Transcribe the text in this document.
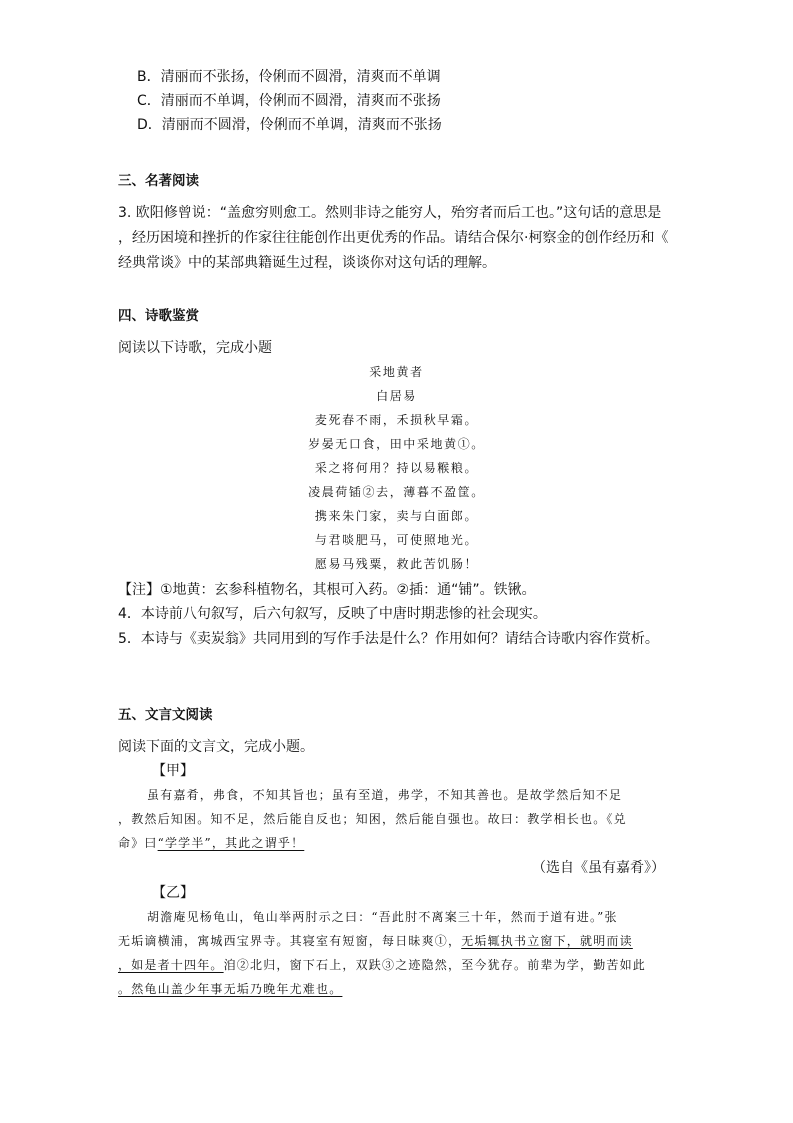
B．清丽而不张扬，伶俐而不圆滑，清爽而不单调
C．清丽而不单调，伶俐而不圆滑，清爽而不张扬
D．清丽而不圆滑，伶俐而不单调，清爽而不张扬
三、名著阅读
3. 欧阳修曾说：“盖愈穷则愈工。然则非诗之能穷人，殆穷者而后工也。”这句话的意思是
，经历困境和挫折的作家往往能创作出更优秀的作品。请结合保尔·柯察金的创作经历和《
经典常谈》中的某部典籍诞生过程，谈谈你对这句话的理解。
四、诗歌鉴赏
阅读以下诗歌，完成小题
采地黄者
白居易
麦死春不雨，禾损秋早霜。
岁晏无口食，田中采地黄①。
采之将何用？持以易糇粮。
凌晨荷锸②去，薄暮不盈筐。
携来朱门家，卖与白面郎。
与君啖肥马，可使照地光。
愿易马残粟，救此苦饥肠！
【注】①地黄：玄参科植物名，其根可入药。②插：通“铺”。铁锹。
4．本诗前八句叙写，后六句叙写，反映了中唐时期悲惨的社会现实。
5．本诗与《卖炭翁》共同用到的写作手法是什么？作用如何？请结合诗歌内容作赏析。
五、文言文阅读
阅读下面的文言文，完成小题。
【甲】
虽有嘉肴，弗食，不知其旨也；虽有至道，弗学，不知其善也。是故学然后知不足
，教然后知困。知不足，然后能自反也；知困，然后能自强也。故曰：教学相长也。《兑
命》曰“学学半”，其此之谓乎！
（选自《虽有嘉肴》）
【乙】
胡澹庵见杨龟山，龟山举两肘示之曰：“吾此肘不离案三十年，然而于道有进。”张
无垢谪横浦，寓城西宝界寺。其寝室有短窗，每日昧爽①，无垢辄执书立窗下，就明而读
，如是者十四年。洎②北归，窗下石上，双趺③之迹隐然，至今犹存。前辈为学，勤苦如此
。然龟山盖少年事无垢乃晚年尤难也。
